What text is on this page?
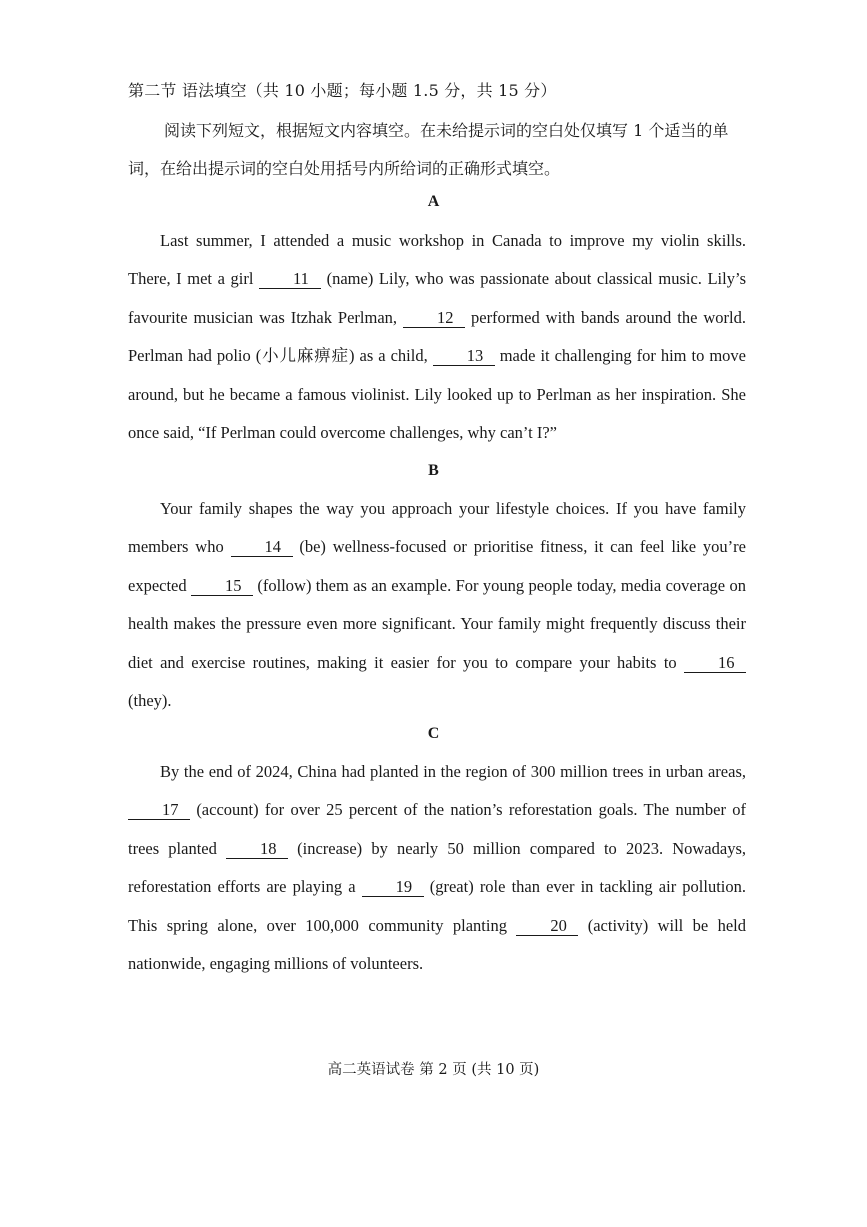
第二节 语法填空（共 10 小题；每小题 1.5 分，共 15 分）

阅读下列短文，根据短文内容填空。在未给提示词的空白处仅填写 1 个适当的单词，在给出提示词的空白处用括号内所给词的正确形式填空。

A

Last summer, I attended a music workshop in Canada to improve my violin skills. There, I met a girl 11 (name) Lily, who was passionate about classical music. Lily’s favourite musician was Itzhak Perlman, 12 performed with bands around the world. Perlman had polio (小儿麻痹症) as a child, 13 made it challenging for him to move around, but he became a famous violinist. Lily looked up to Perlman as her inspiration. She once said, “If Perlman could overcome challenges, why can’t I?”

B

Your family shapes the way you approach your lifestyle choices. If you have family members who 14 (be) wellness-focused or prioritise fitness, it can feel like you’re expected 15 (follow) them as an example. For young people today, media coverage on health makes the pressure even more significant. Your family might frequently discuss their diet and exercise routines, making it easier for you to compare your habits to 16 (they).

C

By the end of 2024, China had planted in the region of 300 million trees in urban areas, 17 (account) for over 25 percent of the nation’s reforestation goals. The number of trees planted 18 (increase) by nearly 50 million compared to 2023. Nowadays, reforestation efforts are playing a 19 (great) role than ever in tackling air pollution. This spring alone, over 100,000 community planting 20 (activity) will be held nationwide, engaging millions of volunteers.

高二英语试卷 第 2 页 (共 10 页)
